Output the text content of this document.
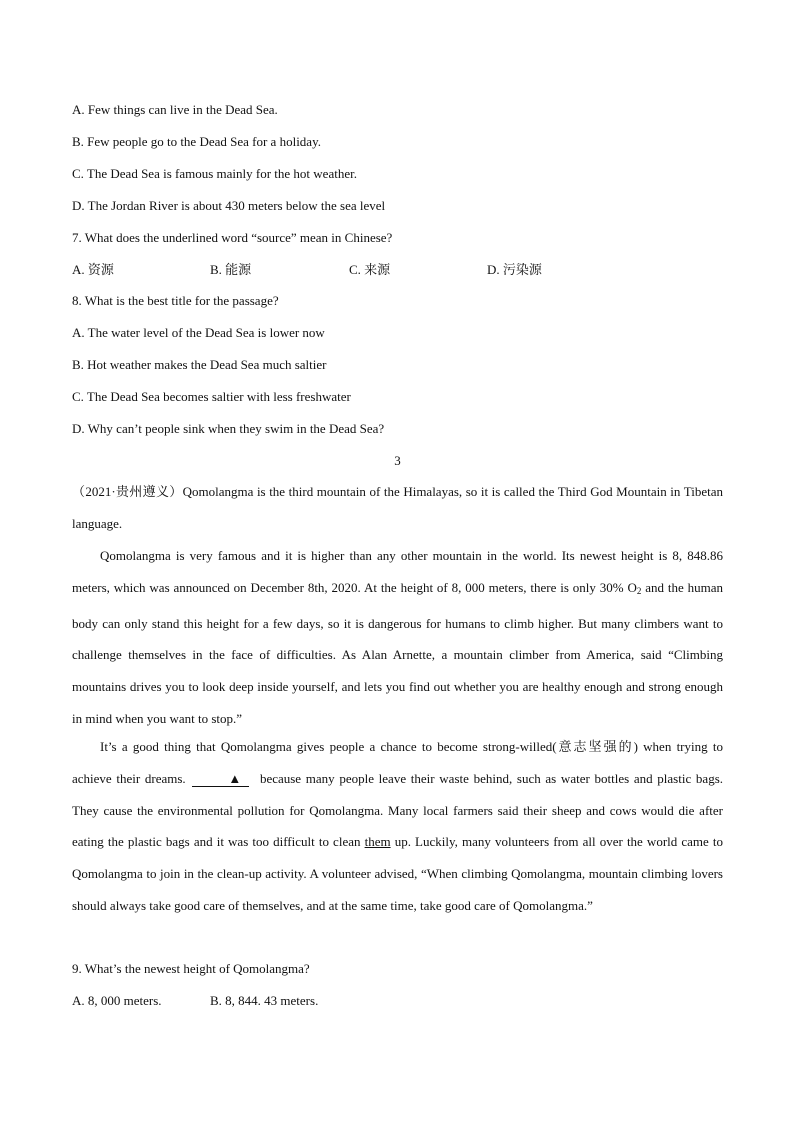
A. Few things can live in the Dead Sea.
B. Few people go to the Dead Sea for a holiday.
C. The Dead Sea is famous mainly for the hot weather.
D. The Jordan River is about 430 meters below the sea level
7. What does the underlined word “source” mean in Chinese?
A. 资源	B. 能源	C. 来源	D. 污染源
8. What is the best title for the passage?
A. The water level of the Dead Sea is lower now
B. Hot weather makes the Dead Sea much saltier
C. The Dead Sea becomes saltier with less freshwater
D. Why can’t people sink when they swim in the Dead Sea?
3
（2021·贵州遵义）Qomolangma is the third mountain of the Himalayas, so it is called the Third God Mountain in Tibetan language.
Qomolangma is very famous and it is higher than any other mountain in the world. Its newest height is 8, 848.86 meters, which was announced on December 8th, 2020. At the height of 8, 000 meters, there is only 30% $O_2$ and the human body can only stand this height for a few days, so it is dangerous for humans to climb higher. But many climbers want to challenge themselves in the face of difficulties. As Alan Arnette, a mountain climber from America, said “Climbing mountains drives you to look deep inside yourself, and lets you find out whether you are healthy enough and strong enough in mind when you want to stop.”
It’s a good thing that Qomolangma gives people a chance to become strong-willed(意志坚强的) when trying to achieve their dreams.	▲ because many people leave their waste behind, such as water bottles and plastic bags. They cause the environmental pollution for Qomolangma. Many local farmers said their sheep and cows would die after eating the plastic bags and it was too difficult to clean them up. Luckily, many volunteers from all over the world came to Qomolangma to join in the clean-up activity. A volunteer advised, “When climbing Qomolangma, mountain climbing lovers should always take good care of themselves, and at the same time, take good care of Qomolangma.”
9. What’s the newest height of Qomolangma?
A. 8, 000 meters.	B. 8, 844. 43 meters.
